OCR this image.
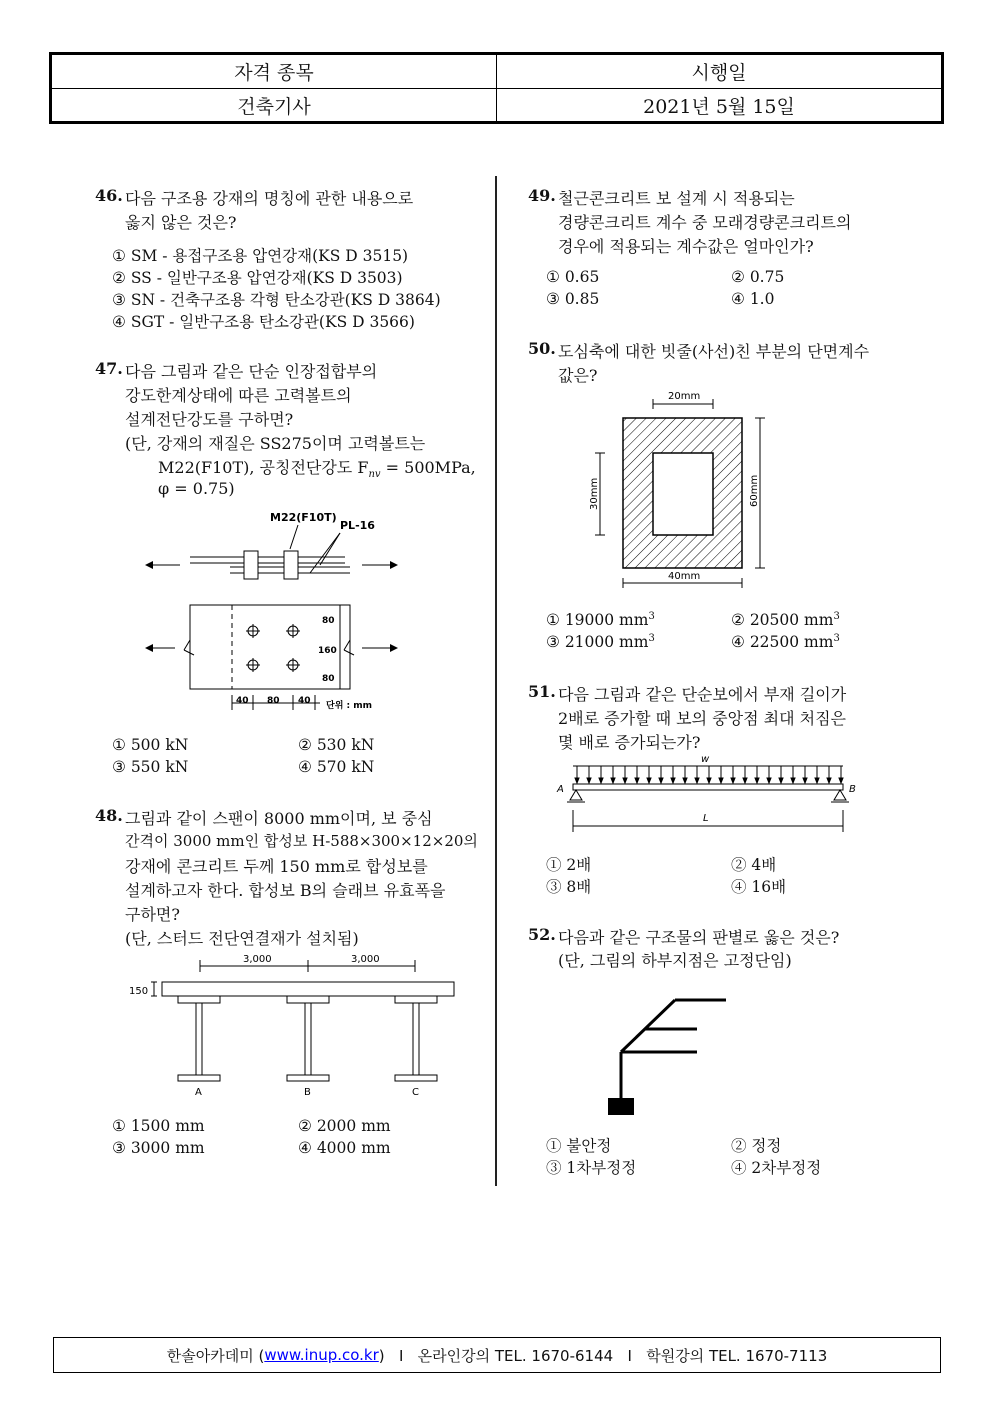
자격 종목	시행일
건축기사	2021년 5월 15일
46. 다음 구조용 강재의 명칭에 관한 내용으로
옳지 않은 것은?
① SM - 용접구조용 압연강재(KS D 3515)
② SS - 일반구조용 압연강재(KS D 3503)
③ SN - 건축구조용 각형 탄소강관(KS D 3864)
④ SGT - 일반구조용 탄소강관(KS D 3566)
47. 다음 그림과 같은 단순 인장접합부의
강도한계상태에 따른 고력볼트의
설계전단강도를 구하면?
(단, 강재의 재질은 SS275이며 고력볼트는
M22(F10T), 공칭전단강도 $F_{nv} = 500MPa$,
φ = 0.75)
M22(F10T)
PL-16
80
160
80
40 80 40 단위 : mm
① 500 kN	② 530 kN
③ 550 kN	④ 570 kN
48. 그림과 같이 스팬이 8000 mm이며, 보 중심
간격이 3000 mm인 합성보 H-588×300×12×20의
강재에 콘크리트 두께 150 mm로 합성보를
설계하고자 한다. 합성보 B의 슬래브 유효폭을
구하면?
(단, 스터드 전단연결재가 설치됨)
3,000	3,000
150
A	B	C
① 1500 mm	② 2000 mm
③ 3000 mm	④ 4000 mm
49. 철근콘크리트 보 설계 시 적용되는
경량콘크리트 계수 중 모래경량콘크리트의
경우에 적용되는 계수값은 얼마인가?
① 0.65	② 0.75
③ 0.85	④ 1.0
50. 도심축에 대한 빗줄(사선)친 부분의 단면계수
값은?
20mm
30mm	60mm
40mm
① 19000 $mm^3$	② 20500 $mm^3$
③ 21000 $mm^3$	④ 22500 $mm^3$
51. 다음 그림과 같은 단순보에서 부재 길이가
2배로 증가할 때 보의 중앙점 최대 처짐은
몇 배로 증가되는가?
w
A	B
L
① 2배	② 4배
③ 8배	④ 16배
52. 다음과 같은 구조물의 판별로 옳은 것은?
(단, 그림의 하부지점은 고정단임)
① 불안정	② 정정
③ 1차부정정	④ 2차부정정
한솔아카데미 ( www.inup.co.kr )   I   온라인강의 TEL. 1670-6144   I   학원강의 TEL. 1670-7113
